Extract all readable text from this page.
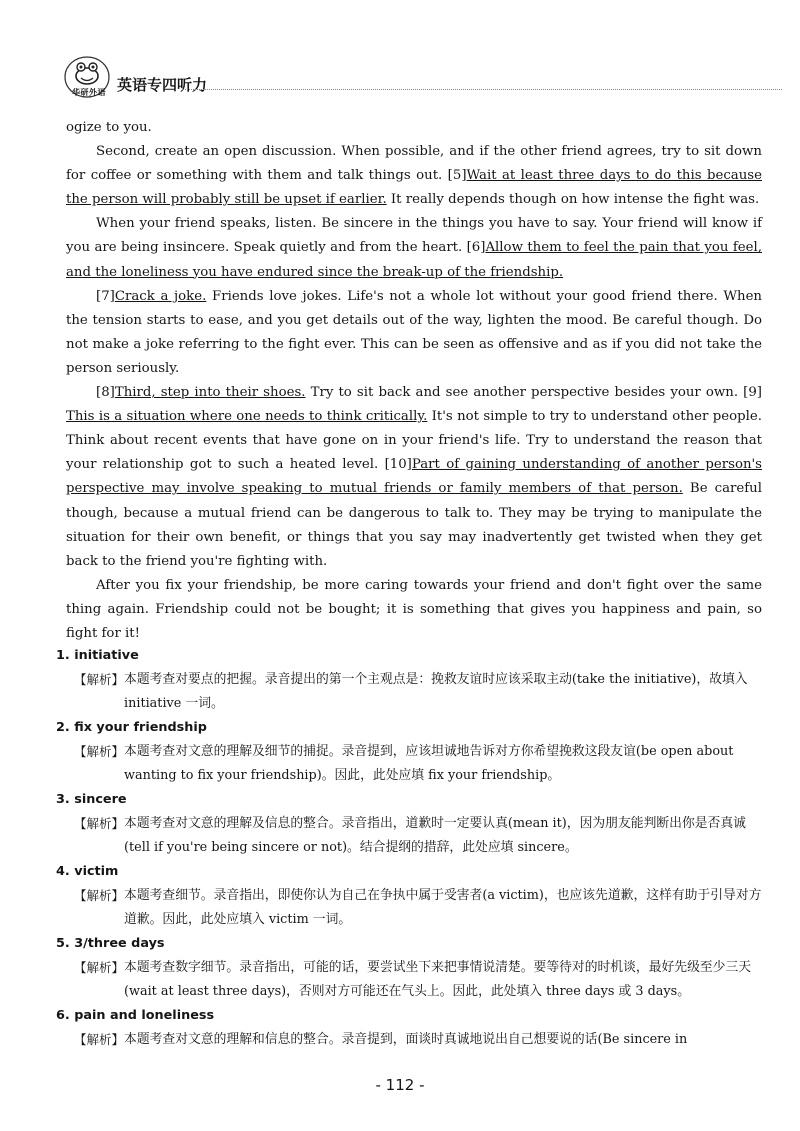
华研外语 英语专四听力

ogize to you.

Second, create an open discussion. When possible, and if the other friend agrees, try to sit down for coffee or something with them and talk things out. [5]Wait at least three days to do this because the person will probably still be upset if earlier. It really depends though on how intense the fight was.

When your friend speaks, listen. Be sincere in the things you have to say. Your friend will know if you are being insincere. Speak quietly and from the heart. [6]Allow them to feel the pain that you feel, and the loneliness you have endured since the break-up of the friendship.

[7]Crack a joke. Friends love jokes. Life's not a whole lot without your good friend there. When the tension starts to ease, and you get details out of the way, lighten the mood. Be careful though. Do not make a joke referring to the fight ever. This can be seen as offensive and as if you did not take the person seriously.

[8]Third, step into their shoes. Try to sit back and see another perspective besides your own. [9] This is a situation where one needs to think critically. It's not simple to try to understand other people. Think about recent events that have gone on in your friend's life. Try to understand the reason that your relationship got to such a heated level. [10]Part of gaining understanding of another person's perspective may involve speaking to mutual friends or family members of that person. Be careful though, because a mutual friend can be dangerous to talk to. They may be trying to manipulate the situation for their own benefit, or things that you say may inadvertently get twisted when they get back to the friend you're fighting with.

After you fix your friendship, be more caring towards your friend and don't fight over the same thing again. Friendship could not be bought; it is something that gives you happiness and pain, so fight for it!

1. initiative

【解析】 本题考查对要点的把握。录音提出的第一个主观点是：挽救友谊时应该采取主动(take the initiative)，故填入 initiative 一词。

2. fix your friendship

【解析】 本题考查对文意的理解及细节的捕捉。录音提到，应该坦诚地告诉对方你希望挽救这段友谊(be open about wanting to fix your friendship)。因此，此处应填 fix your friendship。

3. sincere

【解析】 本题考查对文意的理解及信息的整合。录音指出，道歉时一定要认真(mean it)，因为朋友能判断出你是否真诚(tell if you're being sincere or not)。结合提纲的措辞，此处应填 sincere。

4. victim

【解析】 本题考查细节。录音指出，即使你认为自己在争执中属于受害者(a victim)，也应该先道歉，这样有助于引导对方道歉。因此，此处应填入 victim 一词。

5. 3/three days

【解析】 本题考查数字细节。录音指出，可能的话，要尝试坐下来把事情说清楚。要等待对的时机谈，最好先级至少三天(wait at least three days)，否则对方可能还在气头上。因此，此处填入 three days 或 3 days。

6. pain and loneliness

【解析】 本题考查对文意的理解和信息的整合。录音提到，面谈时真诚地说出自己想要说的话(Be sincere in
- 112 -
